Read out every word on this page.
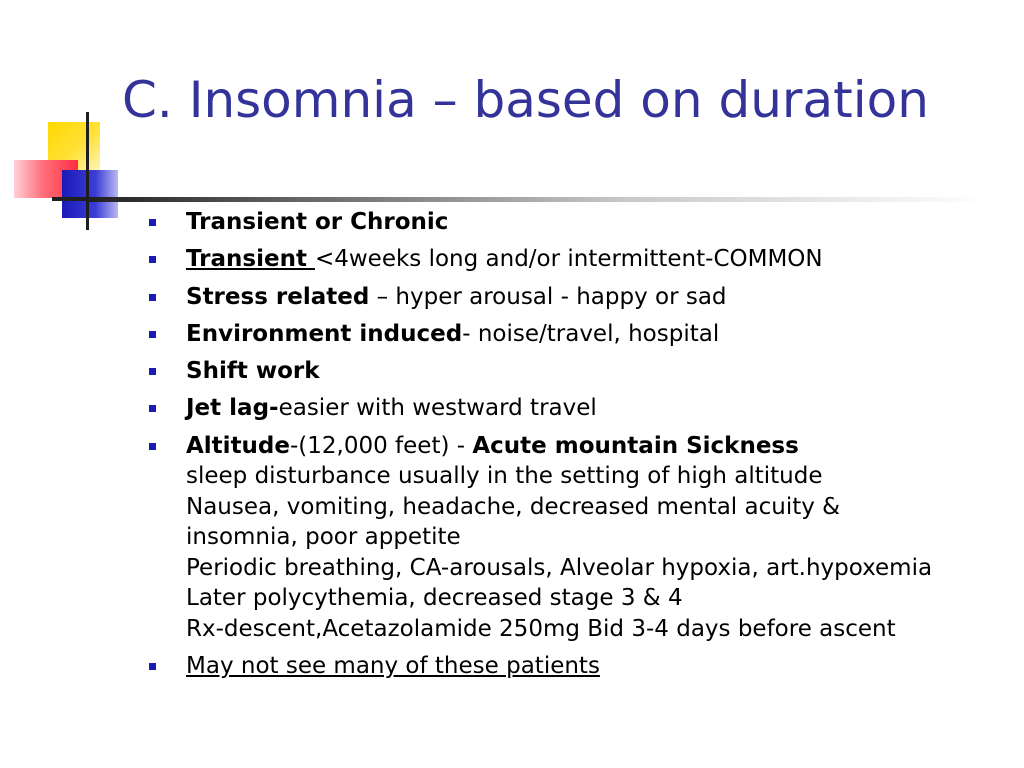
C. Insomnia – based on duration
Transient or Chronic
Transient <4weeks long and/or intermittent-COMMON
Stress related – hyper arousal - happy or sad
Environment induced- noise/travel, hospital
Shift work
Jet lag-easier with westward travel
Altitude-(12,000 feet) - Acute mountain Sickness
sleep disturbance usually in the setting of high altitude
Nausea, vomiting, headache, decreased mental acuity &
insomnia, poor appetite
Periodic breathing, CA-arousals, Alveolar hypoxia, art.hypoxemia
Later polycythemia, decreased stage 3 & 4
Rx-descent,Acetazolamide 250mg Bid 3-4 days before ascent
May not see many of these patients
